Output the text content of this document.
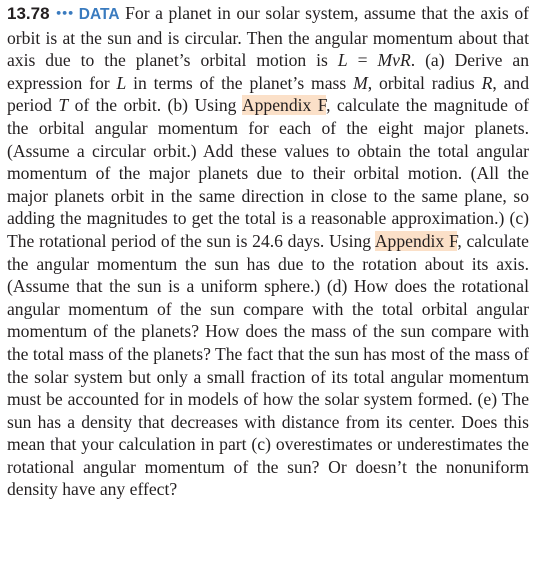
13.78 ••• DATA For a planet in our solar system, assume that the axis of orbit is at the sun and is circular. Then the angular momentum about that axis due to the planet’s orbital motion is L = MvR. (a) Derive an expression for L in terms of the planet’s mass M, orbital radius R, and period T of the orbit. (b) Using Appendix F, calculate the magnitude of the orbital angular momentum for each of the eight major planets. (Assume a circular orbit.) Add these values to obtain the total angular momentum of the major planets due to their orbital motion. (All the major planets orbit in the same direction in close to the same plane, so adding the magnitudes to get the total is a reasonable approximation.) (c) The rotational period of the sun is 24.6 days. Using Appendix F, calculate the angular momentum the sun has due to the rotation about its axis. (Assume that the sun is a uniform sphere.) (d) How does the rotational angular momentum of the sun compare with the total orbital angular momentum of the planets? How does the mass of the sun compare with the total mass of the planets? The fact that the sun has most of the mass of the solar system but only a small fraction of its total angular momentum must be accounted for in models of how the solar system formed. (e) The sun has a density that decreases with distance from its center. Does this mean that your calculation in part (c) overestimates or underestimates the rotational angular momentum of the sun? Or doesn’t the nonuniform density have any effect?
